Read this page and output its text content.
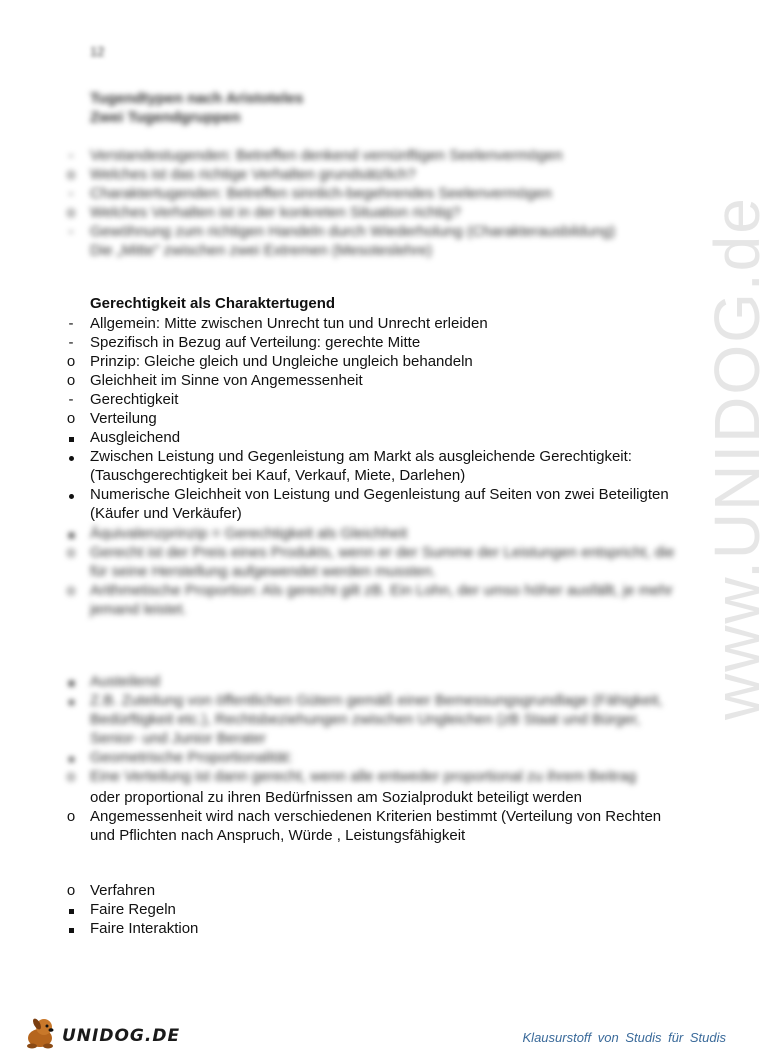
www.UNIDOG.de
12
Tugendtypen nach Aristoteles
Zwei Tugendgruppen
-	Verstandestugenden: Betreffen denkend vernünftigen Seelenvermögen
o Welches ist das richtige Verhalten grundsätzlich?
-	Charaktertugenden: Betreffen sinnlich-begehrendes Seelenvermögen
o Welches Verhalten ist in der konkreten Situation richtig?
-	Gewöhnung zum richtigen Handeln durch Wiederholung (Charakterausbildung)
Die „Mitte" zwischen zwei Extremen (Mesoteslehre)
Gerechtigkeit als Charaktertugend
-	Allgemein: Mitte zwischen Unrecht tun und Unrecht erleiden
-	Spezifisch in Bezug auf Verteilung: gerechte Mitte
o Prinzip: Gleiche gleich und Ungleiche ungleich behandeln
o Gleichheit im Sinne von Angemessenheit
-	Gerechtigkeit
o Verteilung
Ausgleichend
Zwischen Leistung und Gegenleistung am Markt als ausgleichende Gerechtigkeit: (Tauschgerechtigkeit bei Kauf, Verkauf, Miete, Darlehen)
Numerische Gleichheit von Leistung und Gegenleistung auf Seiten von zwei Beteiligten (Käufer und Verkäufer)
Äquivalenzprinzip = Gerechtigkeit als Gleichheit
o Gerecht ist der Preis eines Produkts, wenn er der Summe der Leistungen entspricht, die für seine Herstellung aufgewendet werden mussten.
o Arithmetische Proportion: Als gerecht gilt zB. Ein Lohn, der umso höher ausfällt, je mehr jemand leistet.
Austeilend
Z.B. Zuteilung von öffentlichen Gütern gemäß einer Bemessungsgrundlage (Fähigkeit, Bedürftigkeit etc.), Rechtsbeziehungen zwischen Ungleichen (zB Staat und Bürger, Senior- und Junior Berater
Geometrische Proportionalität:
o Eine Verteilung ist dann gerecht, wenn alle entweder proportional zu ihrem Beitrag
oder proportional zu ihren Bedürfnissen am Sozialprodukt beteiligt werden
o Angemessenheit wird nach verschiedenen Kriterien bestimmt (Verteilung von Rechten und Pflichten nach Anspruch, Würde , Leistungsfähigkeit
o Verfahren
Faire Regeln
Faire Interaktion
UNIDOG.DE	Klausurstoff von Studis für Studis
